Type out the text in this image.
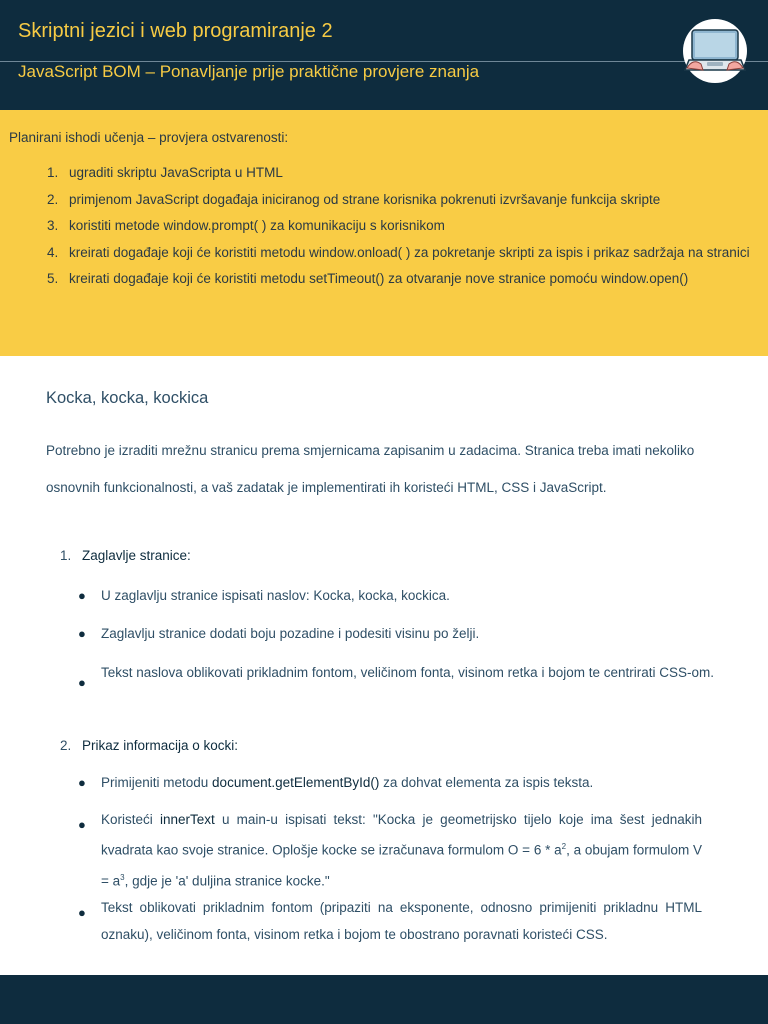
Skriptni jezici i web programiranje 2
JavaScript BOM – Ponavljanje prije praktične provjere znanja
Planirani ishodi učenja – provjera ostvarenosti:
1. ugraditi skriptu JavaScripta u HTML
2. primjenom JavaScript događaja iniciranog od strane korisnika pokrenuti izvršavanje funkcija skripte
3. koristiti metode window.prompt( ) za komunikaciju s korisnikom
4. kreirati događaje koji će koristiti metodu window.onload( ) za pokretanje skripti za ispis i prikaz sadržaja na stranici
5. kreirati događaje koji će koristiti metodu setTimeout() za otvaranje nove stranice pomoću window.open()
Kocka, kocka, kockica
Potrebno je izraditi mrežnu stranicu prema smjernicama zapisanim u zadacima. Stranica treba imati nekoliko osnovnih funkcionalnosti, a vaš zadatak je implementirati ih koristeći HTML, CSS i JavaScript.
1. Zaglavlje stranice:
● U zaglavlju stranice ispisati naslov: Kocka, kocka, kockica.
● Zaglavlju stranice dodati boju pozadine i podesiti visinu po želji.
●
Tekst naslova oblikovati prikladnim fontom, veličinom fonta, visinom retka i bojom te centrirati CSS-om.
2. Prikaz informacija o kocki:
● Primijeniti metodu document.getElementById() za dohvat elementa za ispis teksta.
● Koristeći innerText u main-u ispisati tekst: "Kocka je geometrijsko tijelo koje ima šest jednakih kvadrata kao svoje stranice. Oplošje kocke se izračunava formulom $O = 6 * a^2$, a obujam formulom $V = a^3$, gdje je 'a' duljina stranice kocke."
● Tekst oblikovati prikladnim fontom (pripaziti na eksponente, odnosno primijeniti prikladnu HTML oznaku), veličinom fonta, visinom retka i bojom te obostrano poravnati koristeći CSS.
